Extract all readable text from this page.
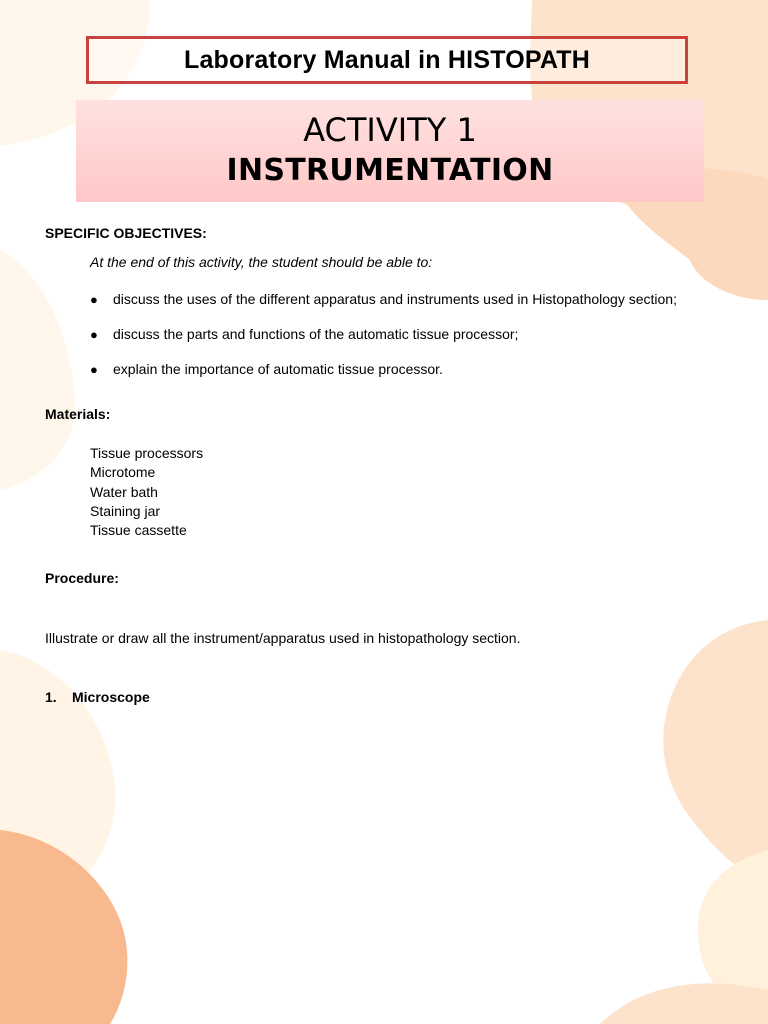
Laboratory Manual in HISTOPATH
ACTIVITY 1
INSTRUMENTATION
SPECIFIC OBJECTIVES:
At the end of this activity, the student should be able to:
●	discuss the uses of the different apparatus and instruments used in Histopathology section;
●	discuss the parts and functions of the automatic tissue processor;
●	explain the importance of automatic tissue processor.
Materials:
Tissue processors
Microtome
Water bath
Staining jar
Tissue cassette
Procedure:
Illustrate or draw all the instrument/apparatus used in histopathology section.
1.	Microscope
